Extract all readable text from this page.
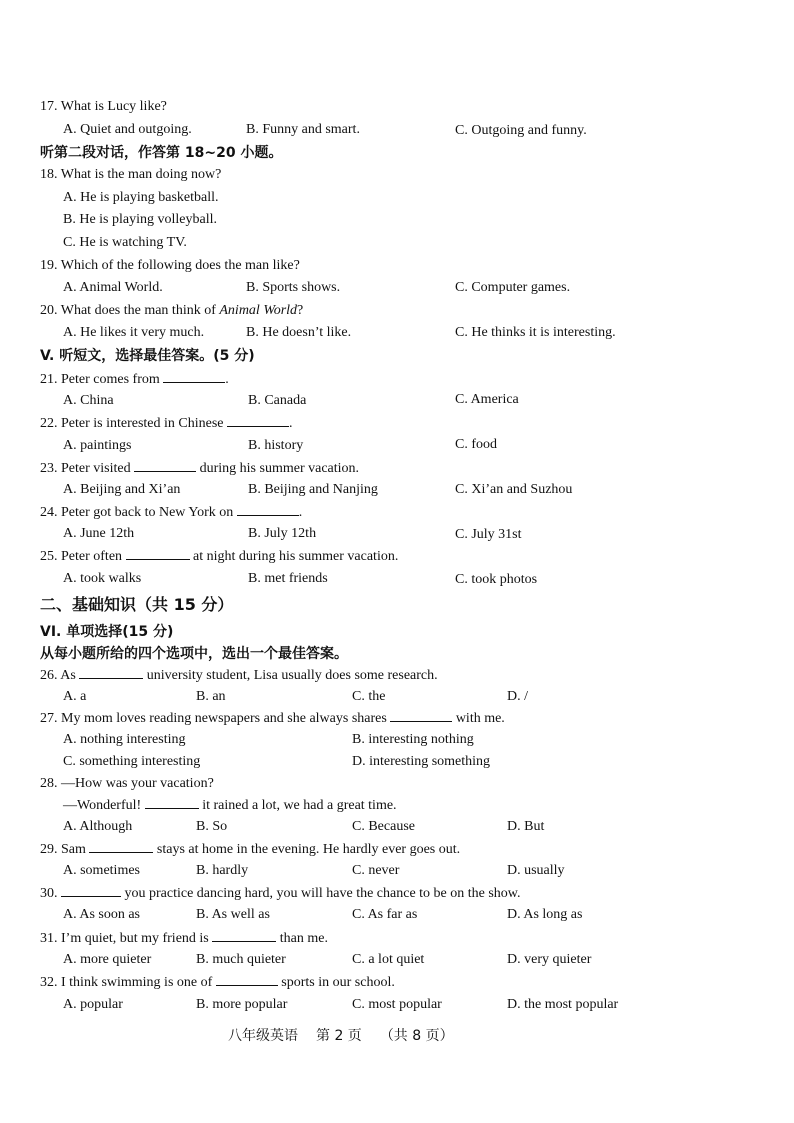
17. What is Lucy like?
A. Quiet and outgoing.	B. Funny and smart.	C. Outgoing and funny.
听第二段对话，作答第 18~20 小题。
18. What is the man doing now?
A. He is playing basketball.
B. He is playing volleyball.
C. He is watching TV.
19. Which of the following does the man like?
A. Animal World.	B. Sports shows.	C. Computer games.
20. What does the man think of Animal World?
A. He likes it very much.	B. He doesn’t like.	C. He thinks it is interesting.
V. 听短文，选择最佳答案。(5 分)
21. Peter comes from	.
A. China	B. Canada	C. America
22. Peter is interested in Chinese	.
A. paintings	B. history	C. food
23. Peter visited	during his summer vacation.
A. Beijing and Xi’an	B. Beijing and Nanjing	C. Xi’an and Suzhou
24. Peter got back to New York on	.
A. June 12th	B. July 12th	C. July 31st
25. Peter often	at night during his summer vacation.
A. took walks	B. met friends	C. took photos
二、基础知识（共 15 分）
VI. 单项选择(15 分)
从每小题所给的四个选项中，选出一个最佳答案。
26. As	university student, Lisa usually does some research.
A. a	B. an	C. the	D. /
27. My mom loves reading newspapers and she always shares	with me.
A. nothing interesting	B. interesting nothing
C. something interesting	D. interesting something
28. —How was your vacation?
—Wonderful!	it rained a lot, we had a great time.
A. Although	B. So	C. Because	D. But
29. Sam	stays at home in the evening. He hardly ever goes out.
A. sometimes	B. hardly	C. never	D. usually
30.	you practice dancing hard, you will have the chance to be on the show.
A. As soon as	B. As well as	C. As far as	D. As long as
31. I’m quiet, but my friend is	than me.
A. more quieter	B. much quieter	C. a lot quiet	D. very quieter
32. I think swimming is one of	sports in our school.
A. popular	B. more popular	C. most popular	D. the most popular
八年级英语 第 2 页 （共 8 页）
